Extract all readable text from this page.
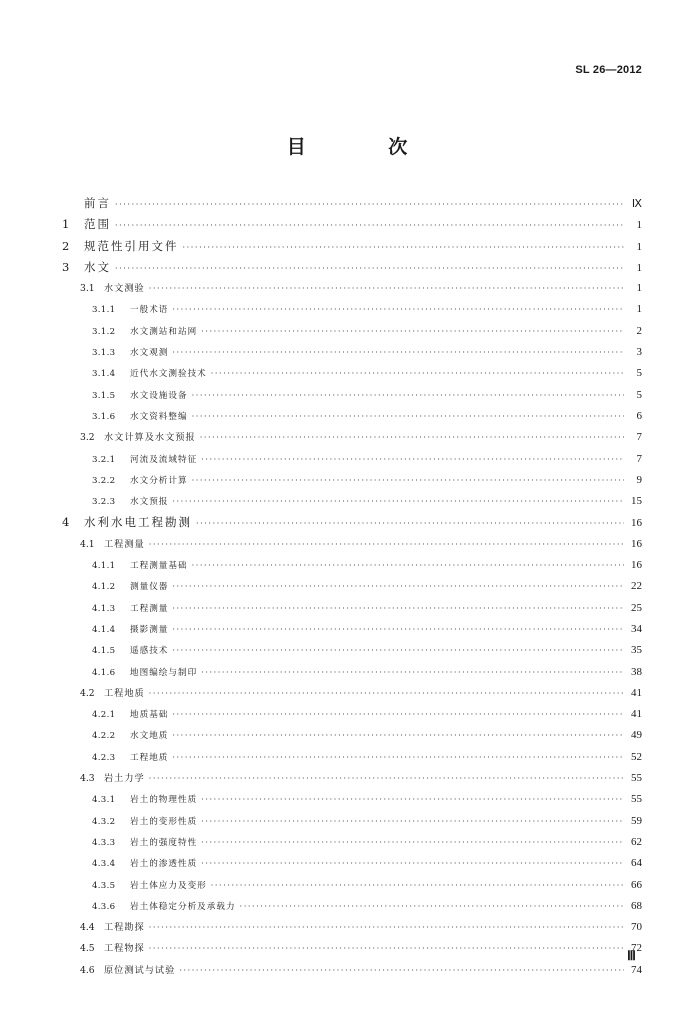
SL 26—2012
目 次
前言 ·····	Ⅸ
1	范围 ·····	1
2	规范性引用文件 ·····	1
3	水文 ·····	1
3.1	水文测验 ·····	1
3.1.1	一般术语 ·····	1
3.1.2	水文测站和站网 ·····	2
3.1.3	水文观测 ·····	3
3.1.4	近代水文测验技术 ·····	5
3.1.5	水文设施设备 ·····	5
3.1.6	水文资料整编 ·····	6
3.2	水文计算及水文预报 ·····	7
3.2.1	河流及流域特征 ·····	7
3.2.2	水文分析计算 ·····	9
3.2.3	水文预报 ·····	15
4	水利水电工程勘测 ·····	16
4.1	工程测量 ·····	16
4.1.1	工程测量基础 ·····	16
4.1.2	测量仪器 ·····	22
4.1.3	工程测量 ·····	25
4.1.4	摄影测量 ·····	34
4.1.5	遥感技术 ·····	35
4.1.6	地图编绘与制印 ·····	38
4.2	工程地质 ·····	41
4.2.1	地质基础 ·····	41
4.2.2	水文地质 ·····	49
4.2.3	工程地质 ·····	52
4.3	岩土力学 ·····	55
4.3.1	岩土的物理性质 ·····	55
4.3.2	岩土的变形性质 ·····	59
4.3.3	岩土的强度特性 ·····	62
4.3.4	岩土的渗透性质 ·····	64
4.3.5	岩土体应力及变形 ·····	66
4.3.6	岩土体稳定分析及承载力 ·····	68
4.4	工程勘探 ·····	70
4.5	工程物探 ·····	72
4.6	原位测试与试验 ·····	74
Ⅲ
